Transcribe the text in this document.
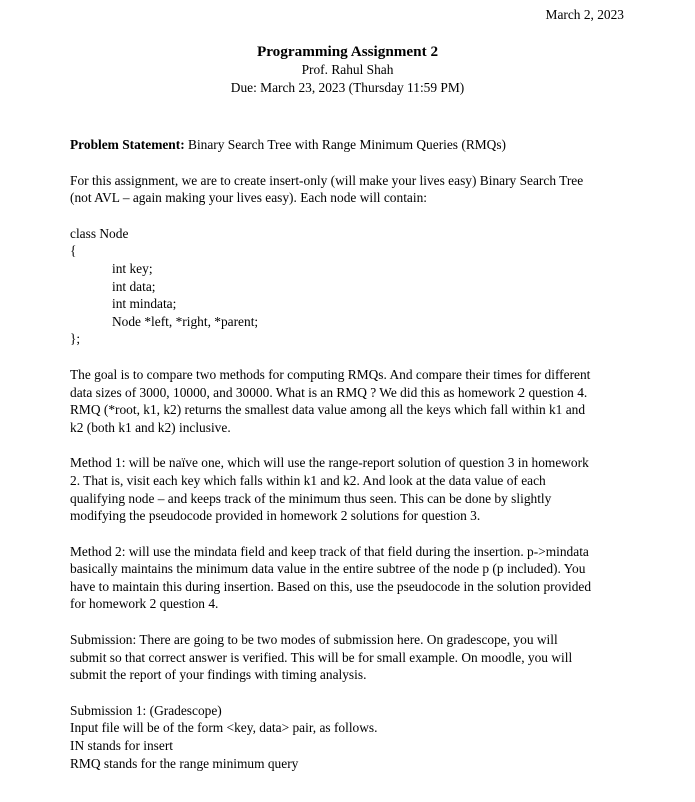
March 2, 2023
Programming Assignment 2
Prof. Rahul Shah
Due: March 23, 2023 (Thursday 11:59 PM)

Problem Statement: Binary Search Tree with Range Minimum Queries (RMQs)

For this assignment, we are to create insert-only (will make your lives easy) Binary Search Tree

(not AVL – again making your lives easy). Each node will contain:

class Node

{

int key;

int data;

int mindata;

Node *left, *right, *parent;

};

The goal is to compare two methods for computing RMQs. And compare their times for different

data sizes of 3000, 10000, and 30000. What is an RMQ ? We did this as homework 2 question 4.

RMQ (*root, k1, k2) returns the smallest data value among all the keys which fall within k1 and

k2 (both k1 and k2) inclusive.

Method 1: will be naïve one, which will use the range-report solution of question 3 in homework

2. That is, visit each key which falls within k1 and k2. And look at the data value of each

qualifying node – and keeps track of the minimum thus seen. This can be done by slightly

modifying the pseudocode provided in homework 2 solutions for question 3.

Method 2: will use the mindata field and keep track of that field during the insertion. p->mindata

basically maintains the minimum data value in the entire subtree of the node p (p included). You

have to maintain this during insertion. Based on this, use the pseudocode in the solution provided

for homework 2 question 4.

Submission: There are going to be two modes of submission here. On gradescope, you will

submit so that correct answer is verified. This will be for small example. On moodle, you will

submit the report of your findings with timing analysis.

Submission 1: (Gradescope)

Input file will be of the form <key, data> pair, as follows.

IN stands for insert

RMQ stands for the range minimum query
